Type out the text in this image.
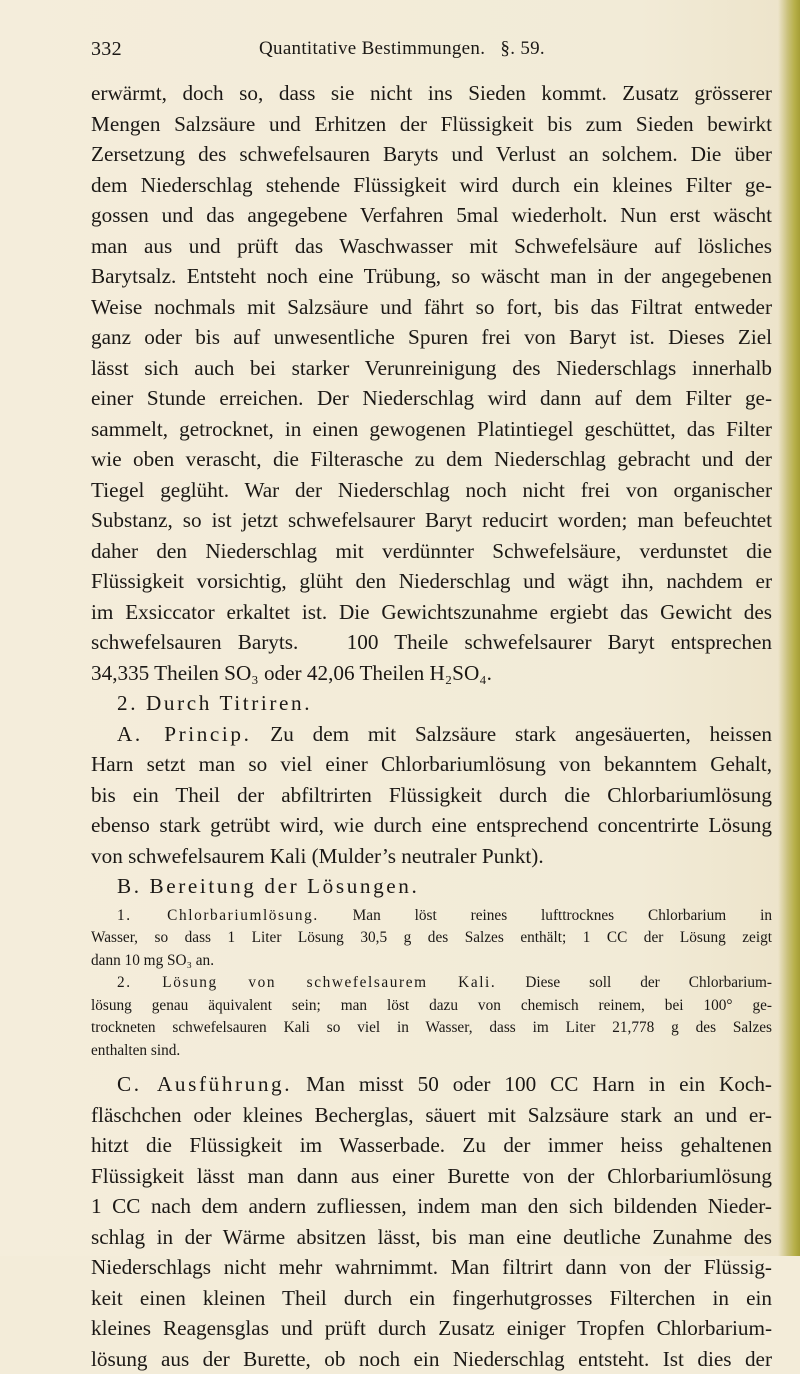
332	Quantitative Bestimmungen.   §. 59.

erwärmt, doch so, dass sie nicht ins Sieden kommt. Zusatz grösserer

Mengen Salzsäure und Erhitzen der Flüssigkeit bis zum Sieden bewirkt

Zersetzung des schwefelsauren Baryts und Verlust an solchem. Die über

dem Niederschlag stehende Flüssigkeit wird durch ein kleines Filter ge-

gossen und das angegebene Verfahren 5mal wiederholt. Nun erst wäscht

man aus und prüft das Waschwasser mit Schwefelsäure auf lösliches

Barytsalz. Entsteht noch eine Trübung, so wäscht man in der angegebenen

Weise nochmals mit Salzsäure und fährt so fort, bis das Filtrat entweder

ganz oder bis auf unwesentliche Spuren frei von Baryt ist. Dieses Ziel

lässt sich auch bei starker Verunreinigung des Niederschlags innerhalb

einer Stunde erreichen. Der Niederschlag wird dann auf dem Filter ge-

sammelt, getrocknet, in einen gewogenen Platintiegel geschüttet, das Filter

wie oben verascht, die Filterasche zu dem Niederschlag gebracht und der

Tiegel geglüht. War der Niederschlag noch nicht frei von organischer

Substanz, so ist jetzt schwefelsaurer Baryt reducirt worden; man befeuchtet

daher den Niederschlag mit verdünnter Schwefelsäure, verdunstet die

Flüssigkeit vorsichtig, glüht den Niederschlag und wägt ihn, nachdem er

im Exsiccator erkaltet ist. Die Gewichtszunahme ergiebt das Gewicht des

schwefelsauren Baryts.   100 Theile schwefelsaurer Baryt entsprechen

34,335 Theilen SO₃ oder 42,06 Theilen H₂SO₄.

2. Durch Titriren.

A. Princip. Zu dem mit Salzsäure stark angesäuerten, heissen

Harn setzt man so viel einer Chlorbariumlösung von bekanntem Gehalt,

bis ein Theil der abfiltrirten Flüssigkeit durch die Chlorbariumlösung

ebenso stark getrübt wird, wie durch eine entsprechend concentrirte Lösung

von schwefelsaurem Kali (Mulder’s neutraler Punkt).

B. Bereitung der Lösungen.

1. Chlorbariumlösung. Man löst reines lufttrocknes Chlorbarium in

Wasser, so dass 1 Liter Lösung 30,5 g des Salzes enthält; 1 CC der Lösung zeigt

dann 10 mg SO₃ an.

2. Lösung von schwefelsaurem Kali. Diese soll der Chlorbarium-

lösung genau äquivalent sein; man löst dazu von chemisch reinem, bei 100° ge-

trockneten schwefelsauren Kali so viel in Wasser, dass im Liter 21,778 g des Salzes

enthalten sind.

C. Ausführung. Man misst 50 oder 100 CC Harn in ein Koch-

fläschchen oder kleines Becherglas, säuert mit Salzsäure stark an und er-

hitzt die Flüssigkeit im Wasserbade. Zu der immer heiss gehaltenen

Flüssigkeit lässt man dann aus einer Burette von der Chlorbariumlösung

1 CC nach dem andern zufliessen, indem man den sich bildenden Nieder-

schlag in der Wärme absitzen lässt, bis man eine deutliche Zunahme des

Niederschlags nicht mehr wahrnimmt. Man filtrirt dann von der Flüssig-

keit einen kleinen Theil durch ein fingerhutgrosses Filterchen in ein

kleines Reagensglas und prüft durch Zusatz einiger Tropfen Chlorbarium-

lösung aus der Burette, ob noch ein Niederschlag entsteht. Ist dies der
